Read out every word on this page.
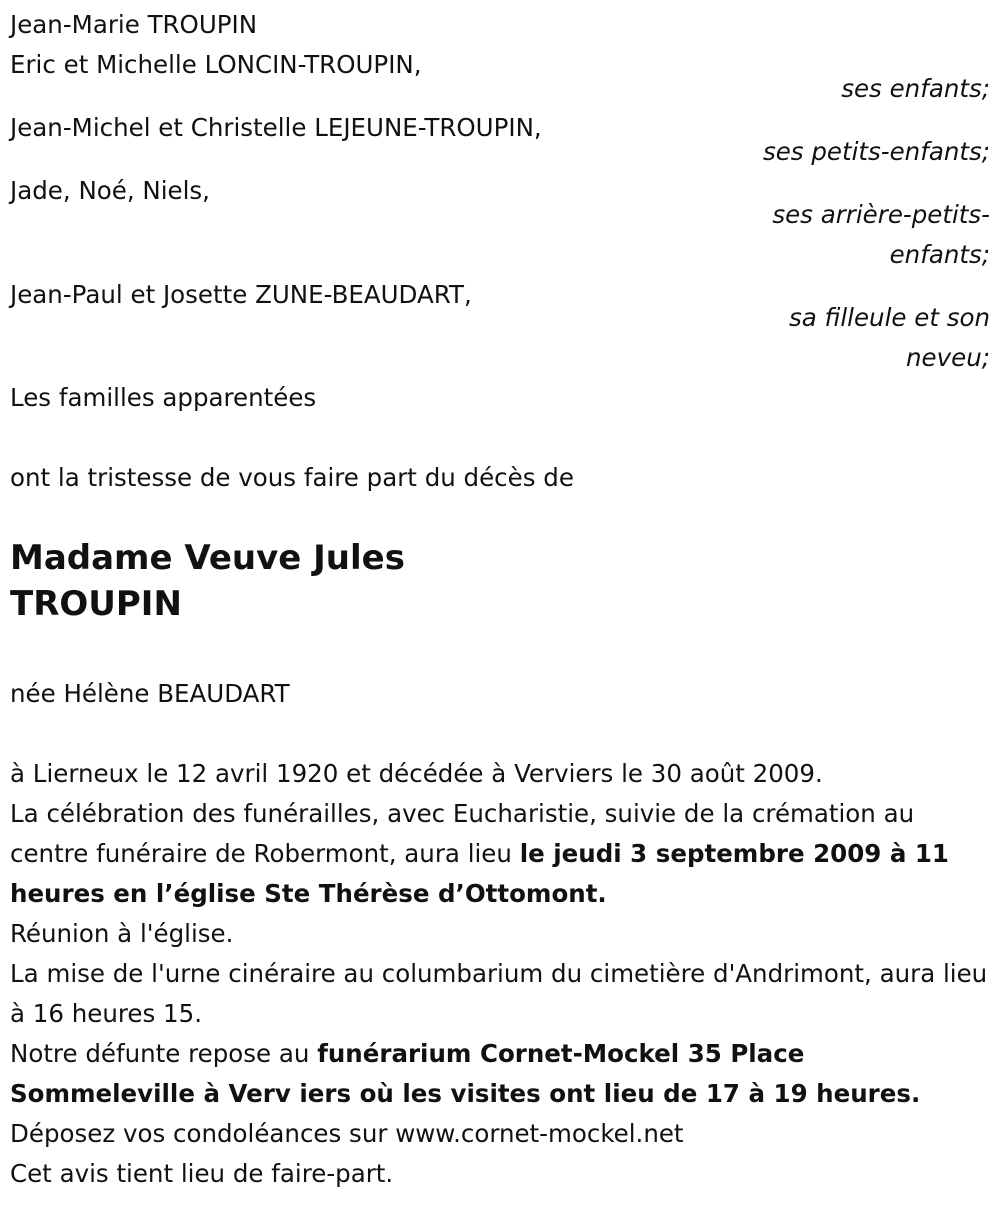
Jean-Marie TROUPIN
Eric et Michelle LONCIN-TROUPIN,
ses enfants;
Jean-Michel et Christelle LEJEUNE-TROUPIN,
ses petits-enfants;
Jade, Noé, Niels,
ses arrière-petits-
enfants;
Jean-Paul et Josette ZUNE-BEAUDART,
sa filleule et son
neveu;
Les familles apparentées
ont la tristesse de vous faire part du décès de
Madame Veuve Jules
TROUPIN
née Hélène BEAUDART

à Lierneux le 12 avril 1920 et décédée à Verviers le 30 août 2009.

La célébration des funérailles, avec Eucharistie, suivie de la crémation au centre funéraire de Robermont, aura lieu le jeudi 3 septembre 2009 à 11 heures en l’église Ste Thérèse d’Ottomont.

Réunion à l'église.

La mise de l'urne cinéraire au columbarium du cimetière d'Andrimont, aura lieu à 16 heures 15.

Notre défunte repose au funérarium Cornet-Mockel 35 Place Sommeleville à Verv iers où les visites ont lieu de 17 à 19 heures.

Déposez vos condoléances sur www.cornet-mockel.net

Cet avis tient lieu de faire-part.
